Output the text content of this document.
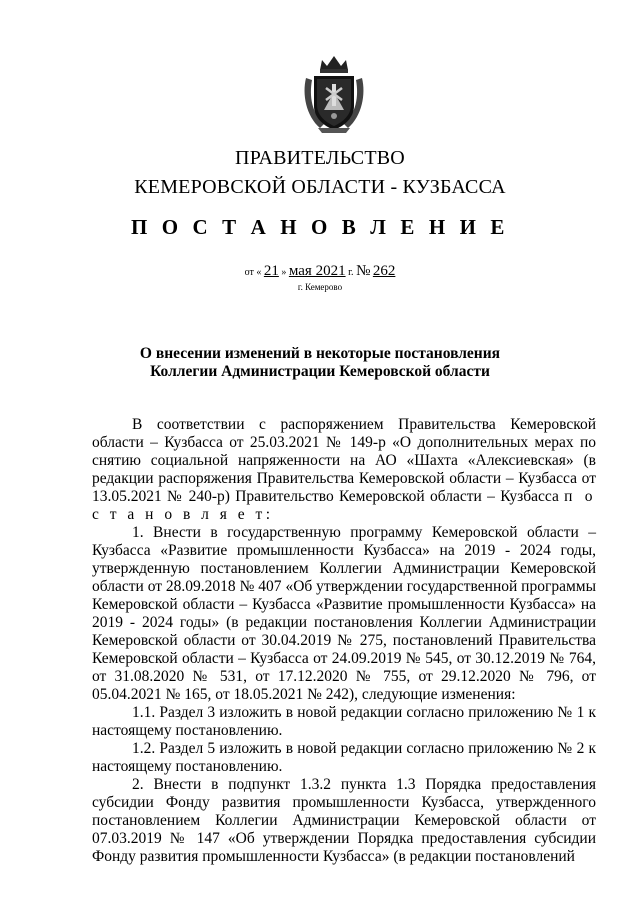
ПРАВИТЕЛЬСТВО
КЕМЕРОВСКОЙ ОБЛАСТИ - КУЗБАССА
П О С Т А Н О В Л Е Н И Е
от « 21 » мая 2021 г. № 262
г. Кемерово
О внесении изменений в некоторые постановления
Коллегии Администрации Кемеровской области

В соответствии с распоряжением Правительства Кемеровской области – Кузбасса от 25.03.2021 № 149-р «О дополнительных мерах по снятию социальной напряженности на АО «Шахта «Алексиевская» (в редакции распоряжения Правительства Кемеровской области – Кузбасса от 13.05.2021 № 240-р) Правительство Кемеровской области – Кузбасса п о с т а н о в л я е т:

1. Внести в государственную программу Кемеровской области – Кузбасса «Развитие промышленности Кузбасса» на 2019 - 2024 годы, утвержденную постановлением Коллегии Администрации Кемеровской области от 28.09.2018 № 407 «Об утверждении государственной программы Кемеровской области – Кузбасса «Развитие промышленности Кузбасса» на 2019 - 2024 годы» (в редакции постановления Коллегии Администрации Кемеровской области от 30.04.2019 № 275, постановлений Правительства Кемеровской области – Кузбасса от 24.09.2019 № 545, от 30.12.2019 № 764, от 31.08.2020 № 531, от 17.12.2020 № 755, от 29.12.2020 № 796, от 05.04.2021 № 165, от 18.05.2021 № 242), следующие изменения:

1.1. Раздел 3 изложить в новой редакции согласно приложению № 1 к настоящему постановлению.

1.2. Раздел 5 изложить в новой редакции согласно приложению № 2 к настоящему постановлению.

2. Внести в подпункт 1.3.2 пункта 1.3 Порядка предоставления субсидии Фонду развития промышленности Кузбасса, утвержденного постановлением Коллегии Администрации Кемеровской области от 07.03.2019 № 147 «Об утверждении Порядка предоставления субсидии Фонду развития промышленности Кузбасса» (в редакции постановлений
